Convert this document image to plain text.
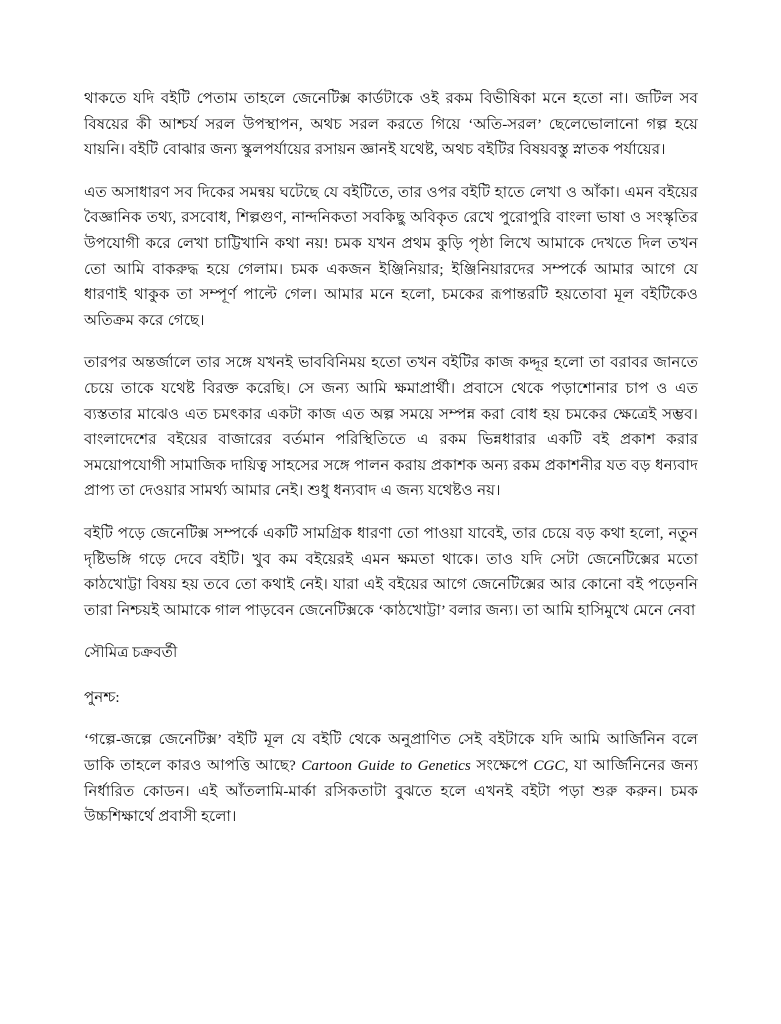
থাকতে যদি বইটি পেতাম তাহলে জেনেটিক্স কার্ডটাকে ওই রকম বিভীষিকা মনে হতো না। জটিল সব বিষয়ের কী আশ্চর্য সরল উপস্থাপন, অথচ সরল করতে গিয়ে ‘অতি-সরল’ ছেলেভোলানো গল্প হয়ে যায়নি। বইটি বোঝার জন্য স্কুলপর্যায়ের রসায়ন জ্ঞানই যথেষ্ট, অথচ বইটির বিষয়বস্তু স্নাতক পর্যায়ের।

এত অসাধারণ সব দিকের সমন্বয় ঘটেছে যে বইটিতে, তার ওপর বইটি হাতে লেখা ও আঁকা। এমন বইয়ের বৈজ্ঞানিক তথ্য, রসবোধ, শিল্পগুণ, নান্দনিকতা সবকিছু অবিকৃত রেখে পুরোপুরি বাংলা ভাষা ও সংস্কৃতির উপযোগী করে লেখা চাট্টিখানি কথা নয়! চমক যখন প্রথম কুড়ি পৃষ্ঠা লিখে আমাকে দেখতে দিল তখন তো আমি বাকরুদ্ধ হয়ে গেলাম। চমক একজন ইঞ্জিনিয়ার; ইঞ্জিনিয়ারদের সম্পর্কে আমার আগে যে ধারণাই থাকুক তা সম্পূর্ণ পাল্টে গেল। আমার মনে হলো, চমকের রূপান্তরটি হয়তোবা মূল বইটিকেও অতিক্রম করে গেছে।

তারপর অন্তর্জালে তার সঙ্গে যখনই ভাববিনিময় হতো তখন বইটির কাজ কদ্দূর হলো তা বরাবর জানতে চেয়ে তাকে যথেষ্ট বিরক্ত করেছি। সে জন্য আমি ক্ষমাপ্রার্থী। প্রবাসে থেকে পড়াশোনার চাপ ও এত ব্যস্ততার মাঝেও এত চমৎকার একটা কাজ এত অল্প সময়ে সম্পন্ন করা বোধ হয় চমকের ক্ষেত্রেই সম্ভব। বাংলাদেশের বইয়ের বাজারের বর্তমান পরিস্থিতিতে এ রকম ভিন্নধারার একটি বই প্রকাশ করার সময়োপযোগী সামাজিক দায়িত্ব সাহসের সঙ্গে পালন করায় প্রকাশক অন্য রকম প্রকাশনীর যত বড় ধন্যবাদ প্রাপ্য তা দেওয়ার সামর্থ্য আমার নেই। শুধু ধন্যবাদ এ জন্য যথেষ্টও নয়।

বইটি পড়ে জেনেটিক্স সম্পর্কে একটি সামগ্রিক ধারণা তো পাওয়া যাবেই, তার চেয়ে বড় কথা হলো, নতুন দৃষ্টিভঙ্গি গড়ে দেবে বইটি। খুব কম বইয়েরই এমন ক্ষমতা থাকে। তাও যদি সেটা জেনেটিক্সের মতো কাঠখোট্টা বিষয় হয় তবে তো কথাই নেই। যারা এই বইয়ের আগে জেনেটিক্সের আর কোনো বই পড়েননি তারা নিশ্চয়ই আমাকে গাল পাড়বেন জেনেটিক্সকে ‘কাঠখোট্টা’ বলার জন্য। তা আমি হাসিমুখে মেনে নেবা

সৌমিত্র চক্রবর্তী

পুনশ্চ:

‘গল্পে-জল্পে জেনেটিক্স’ বইটি মূল যে বইটি থেকে অনুপ্রাণিত সেই বইটাকে যদি আমি আর্জিনিন বলে ডাকি তাহলে কারও আপত্তি আছে? Cartoon Guide to Genetics সংক্ষেপে CGC, যা আর্জিনিনের জন্য নির্ধারিত কোডন। এই আঁতলামি-মার্কা রসিকতাটা বুঝতে হলে এখনই বইটা পড়া শুরু করুন। চমক উচ্চশিক্ষার্থে প্রবাসী হলো।
